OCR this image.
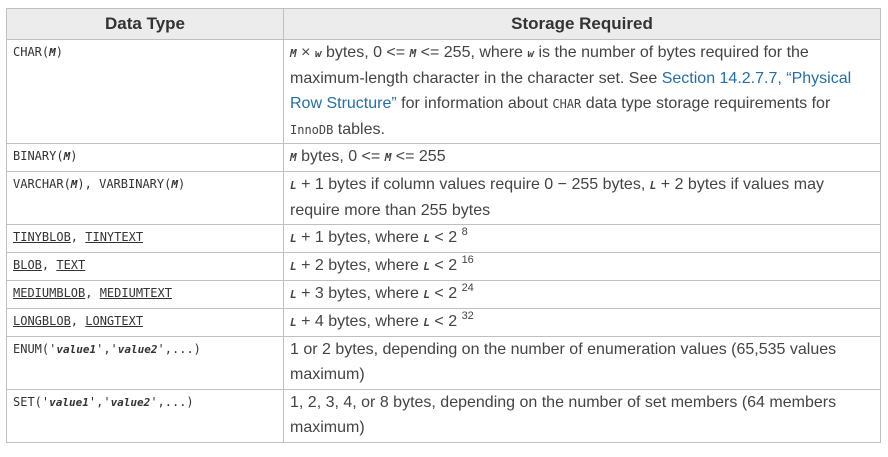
Data Type	Storage Required
CHAR(M)	M × w bytes, 0 <= M <= 255, where w is the number of bytes required for the maximum-length character in the character set. See Section 14.2.7.7, “Physical Row Structure” for information about CHAR data type storage requirements for InnoDB tables.
BINARY(M)	M bytes, 0 <= M <= 255
VARCHAR(M), VARBINARY(M)	L + 1 bytes if column values require 0 − 255 bytes, L + 2 bytes if values may require more than 255 bytes
TINYBLOB, TINYTEXT	L + 1 bytes, where L < 2 $^8$
BLOB, TEXT	L + 2 bytes, where L < 2 $^{16}$
MEDIUMBLOB, MEDIUMTEXT	L + 3 bytes, where L < 2 $^{24}$
LONGBLOB, LONGTEXT	L + 4 bytes, where L < 2 $^{32}$
ENUM('value1','value2',...)	1 or 2 bytes, depending on the number of enumeration values (65,535 values maximum)
SET('value1','value2',...)	1, 2, 3, 4, or 8 bytes, depending on the number of set members (64 members maximum)
